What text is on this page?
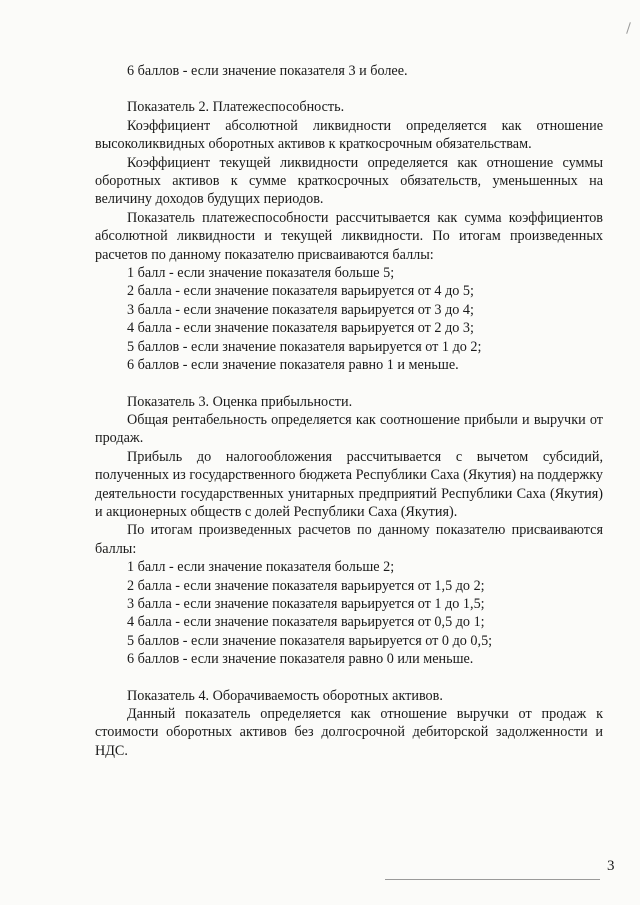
6 баллов - если значение показателя 3 и более.

Показатель 2. Платежеспособность.

Коэффициент абсолютной ликвидности определяется как отношение высоколиквидных оборотных активов к краткосрочным обязательствам.

Коэффициент текущей ликвидности определяется как отношение суммы оборотных активов к сумме краткосрочных обязательств, уменьшенных на величину доходов будущих периодов.

Показатель платежеспособности рассчитывается как сумма коэффициентов абсолютной ликвидности и текущей ликвидности. По итогам произведенных расчетов по данному показателю присваиваются баллы:

1 балл - если значение показателя больше 5;

2 балла - если значение показателя варьируется от 4 до 5;

3 балла - если значение показателя варьируется от 3 до 4;

4 балла - если значение показателя варьируется от 2 до 3;

5 баллов - если значение показателя варьируется от 1 до 2;

6 баллов - если значение показателя равно 1 и меньше.

Показатель 3. Оценка прибыльности.

Общая рентабельность определяется как соотношение прибыли и выручки от продаж.

Прибыль до налогообложения рассчитывается с вычетом субсидий, полученных из государственного бюджета Республики Саха (Якутия) на поддержку деятельности государственных унитарных предприятий Республики Саха (Якутия) и акционерных обществ с долей Республики Саха (Якутия).

По итогам произведенных расчетов по данному показателю присваиваются баллы:

1 балл - если значение показателя больше 2;

2 балла - если значение показателя варьируется от 1,5 до 2;

3 балла - если значение показателя варьируется от 1 до 1,5;

4 балла - если значение показателя варьируется от 0,5 до 1;

5 баллов - если значение показателя варьируется от 0 до 0,5;

6 баллов - если значение показателя равно 0 или меньше.

Показатель 4. Оборачиваемость оборотных активов.

Данный показатель определяется как отношение выручки от продаж к стоимости оборотных активов без долгосрочной дебиторской задолженности и НДС.

3
